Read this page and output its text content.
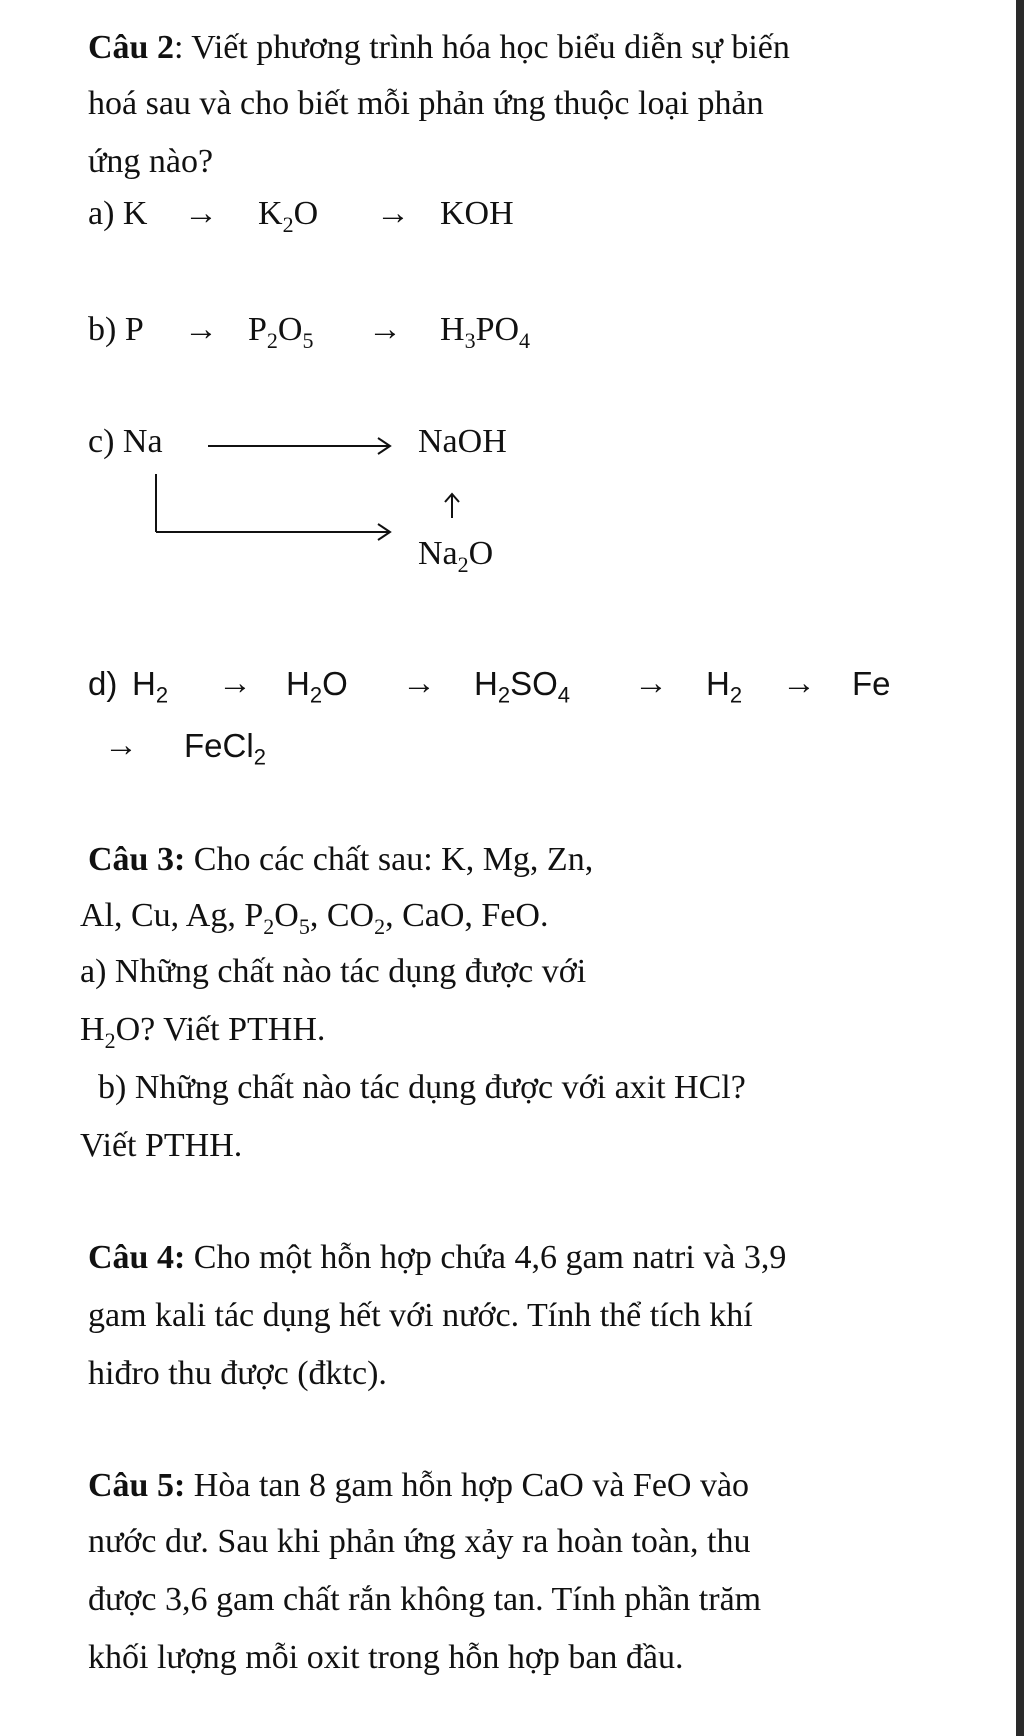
Câu 2: Viết phương trình hóa học biểu diễn sự biến
hoá sau và cho biết mỗi phản ứng thuộc loại phản
ứng nào?
a) $K \to K_2O$ → KOH
b) $P \to P_2O_5 \to H_3PO_4$
c) Na	NaOH
$Na_2O$
d) $H_2 \to H_2O \to H_2SO_4 \to H_2 \to Fe$
→ FeCl$_2$
Câu 3: Cho các chất sau: K, Mg, Zn,
Al, Cu, Ag, $P_2O_5$, $CO_2$, CaO, FeO.
a) Những chất nào tác dụng được với
$H_2O$? Viết PTHH.
b) Những chất nào tác dụng được với axit HCl?
Viết PTHH.
Câu 4: Cho một hỗn hợp chứa 4,6 gam natri và 3,9
gam kali tác dụng hết với nước. Tính thể tích khí
hiđro thu được (đktc).
Câu 5: Hòa tan 8 gam hỗn hợp CaO và FeO vào
nước dư. Sau khi phản ứng xảy ra hoàn toàn, thu
được 3,6 gam chất rắn không tan. Tính phần trăm
khối lượng mỗi oxit trong hỗn hợp ban đầu.
